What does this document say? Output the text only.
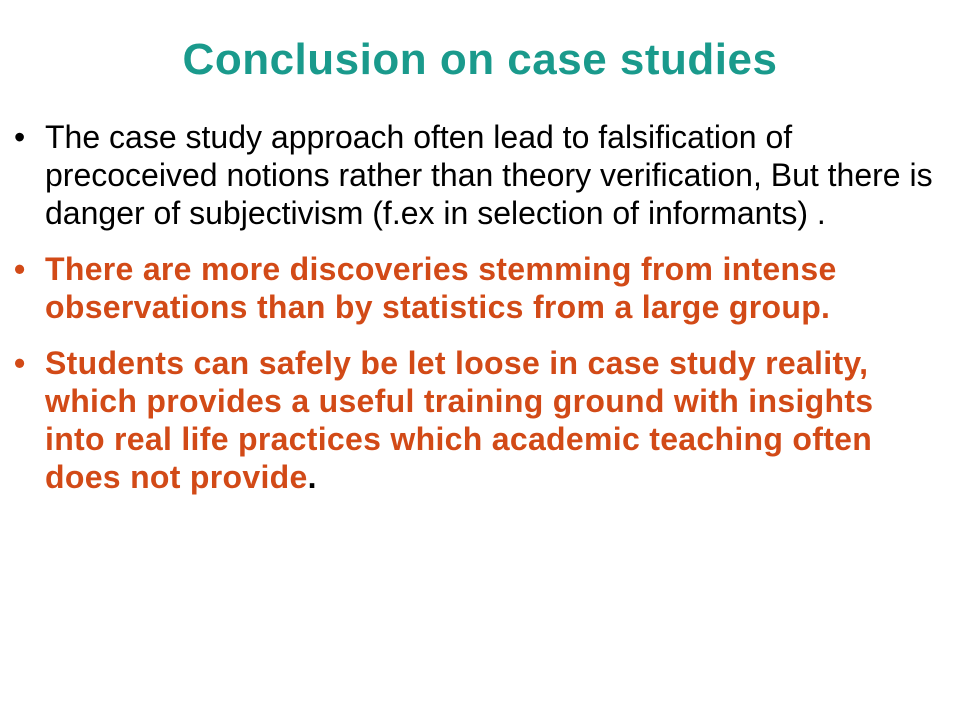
Conclusion on case studies
• The case study approach often lead to falsification of precoceived notions rather than theory verification, But there is danger of subjectivism (f.ex in selection of informants) .
• There are more discoveries stemming from intense observations than by statistics from a large group.
• Students can safely be let loose in case study reality, which provides a useful training ground with insights into real life practices which academic teaching often does not provide.
